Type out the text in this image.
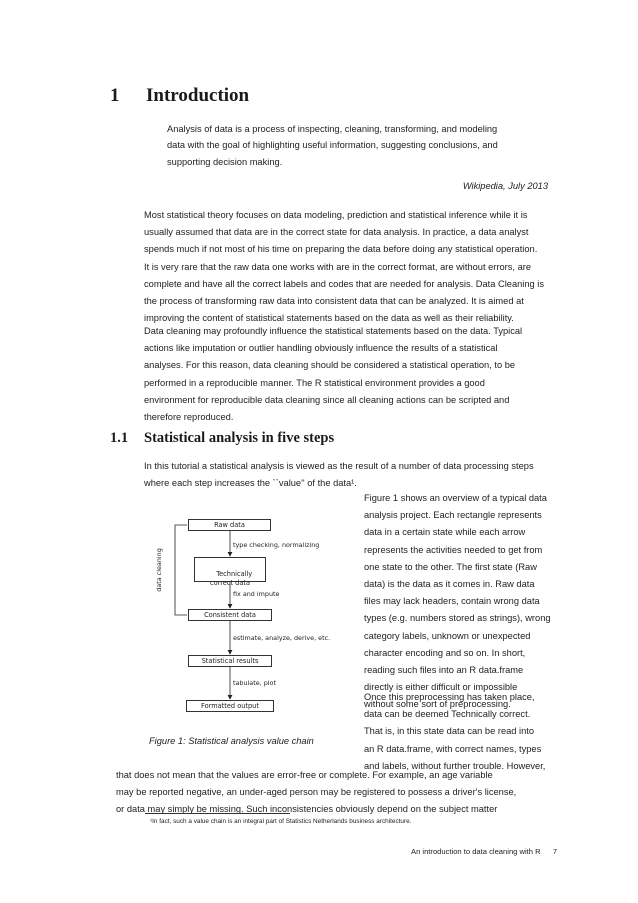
1 Introduction
Analysis of data is a process of inspecting, cleaning, transforming, and modeling
data with the goal of highlighting useful information, suggesting conclusions, and
supporting decision making.
Wikipedia, July 2013
Most statistical theory focuses on data modeling, prediction and statistical inference while it is
usually assumed that data are in the correct state for data analysis. In practice, a data analyst
spends much if not most of his time on preparing the data before doing any statistical operation.
It is very rare that the raw data one works with are in the correct format, are without errors, are
complete and have all the correct labels and codes that are needed for analysis. Data Cleaning is
the process of transforming raw data into consistent data that can be analyzed. It is aimed at
improving the content of statistical statements based on the data as well as their reliability.
Data cleaning may profoundly influence the statistical statements based on the data. Typical
actions like imputation or outlier handling obviously influence the results of a statistical
analyses. For this reason, data cleaning should be considered a statistical operation, to be
performed in a reproducible manner. The R statistical environment provides a good
environment for reproducible data cleaning since all cleaning actions can be scripted and
therefore reproduced.
1.1 Statistical analysis in five steps
In this tutorial a statistical analysis is viewed as the result of a number of data processing steps
where each step increases the ``value'' of the data¹.
Figure 1 shows an overview of a typical data
analysis project. Each rectangle represents
data in a certain state while each arrow
represents the activities needed to get from
one state to the other. The first state (Raw
data) is the data as it comes in. Raw data
files may lack headers, contain wrong data
types (e.g. numbers stored as strings), wrong
category labels, unknown or unexpected
character encoding and so on. In short,
reading such files into an R data.frame
directly is either difficult or impossible
without some sort of preprocessing.
Once this preprocessing has taken place,
data can be deemed Technically correct.
That is, in this state data can be read into
an R data.frame, with correct names, types
and labels, without further trouble. However,
that does not mean that the values are error-free or complete. For example, an age variable
may be reported negative, an under-aged person may be registered to possess a driver's license,
or data may simply be missing. Such inconsistencies obviously depend on the subject matter
Raw data

Technically
correct data

Consistent data
Statistical results
Formatted output
type checking, normalizing
fix and impute
estimate, analyze, derive, etc.
tabulate, plot
data cleaning
Figure 1: Statistical analysis value chain
¹In fact, such a value chain is an integral part of Statistics Netherlands business architecture.
An introduction to data cleaning with R 7
